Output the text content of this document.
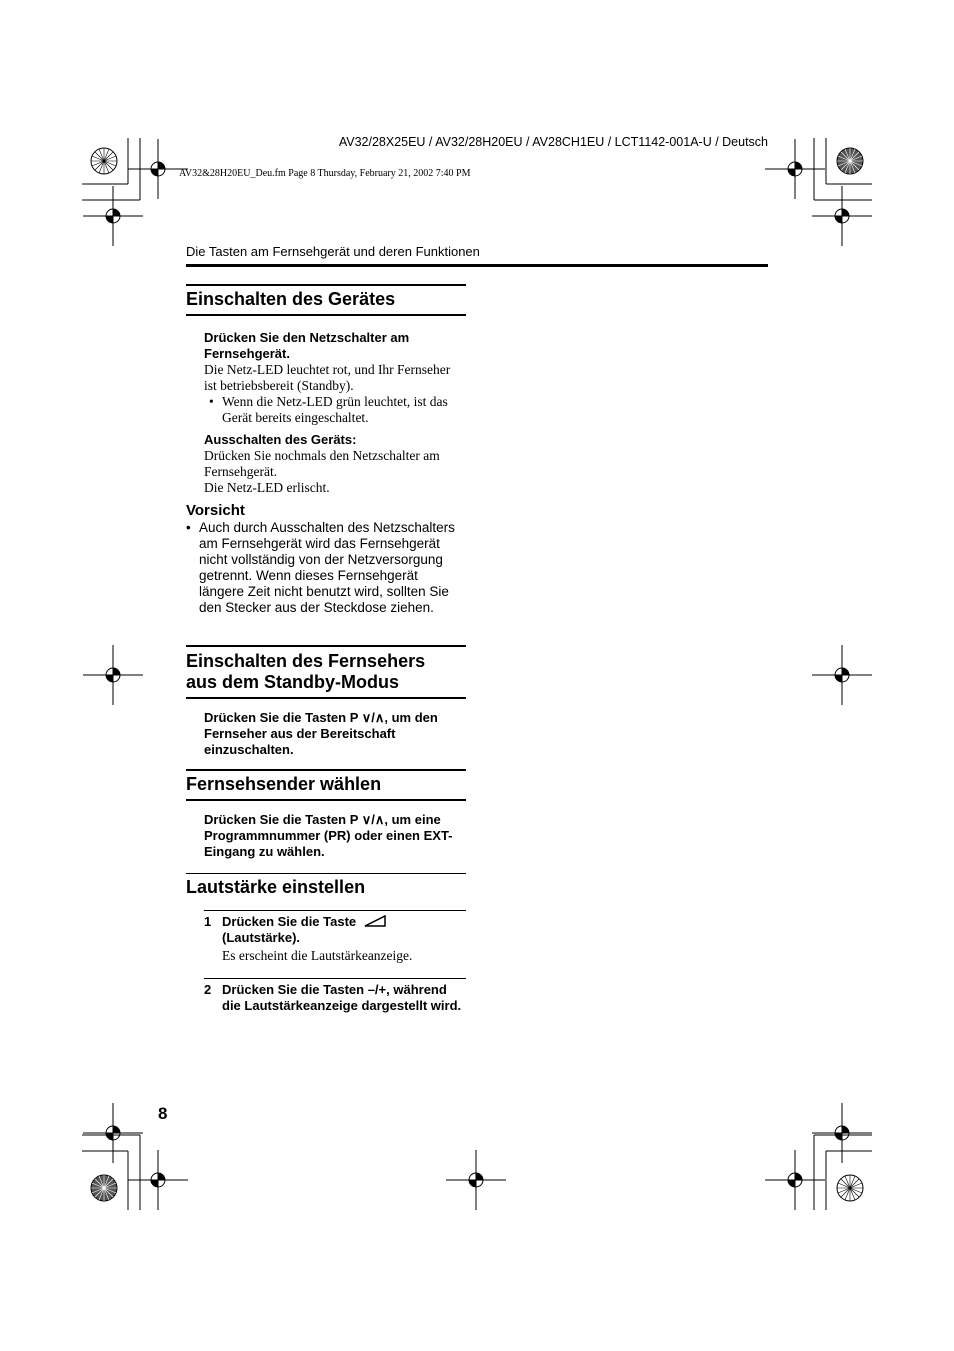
AV32/28X25EU / AV32/28H20EU / AV28CH1EU / LCT1142-001A-U / Deutsch
AV32&28H20EU_Deu.fm Page 8 Thursday, February 21, 2002 7:40 PM
Die Tasten am Fernsehgerät und deren Funktionen
Einschalten des Gerätes
Drücken Sie den Netzschalter am Fernsehgerät.
Die Netz-LED leuchtet rot, und Ihr Fernseher ist betriebsbereit (Standby).
• Wenn die Netz-LED grün leuchtet, ist das Gerät bereits eingeschaltet.
Ausschalten des Geräts:
Drücken Sie nochmals den Netzschalter am Fernsehgerät.
Die Netz-LED erlischt.
Vorsicht
• Auch durch Ausschalten des Netzschalters am Fernsehgerät wird das Fernsehgerät nicht vollständig von der Netzversorgung getrennt. Wenn dieses Fernsehgerät längere Zeit nicht benutzt wird, sollten Sie den Stecker aus der Steckdose ziehen.
Einschalten des Fernsehers
aus dem Standby-Modus
Drücken Sie die Tasten P ∨/∧, um den Fernseher aus der Bereitschaft einzuschalten.
Fernsehsender wählen
Drücken Sie die Tasten P ∨/∧, um eine Programmnummer (PR) oder einen EXT-Eingang zu wählen.
Lautstärke einstellen
1 Drücken Sie die Taste
(Lautstärke).
Es erscheint die Lautstärkeanzeige.
2 Drücken Sie die Tasten –/+, während die Lautstärkeanzeige dargestellt wird.
8
